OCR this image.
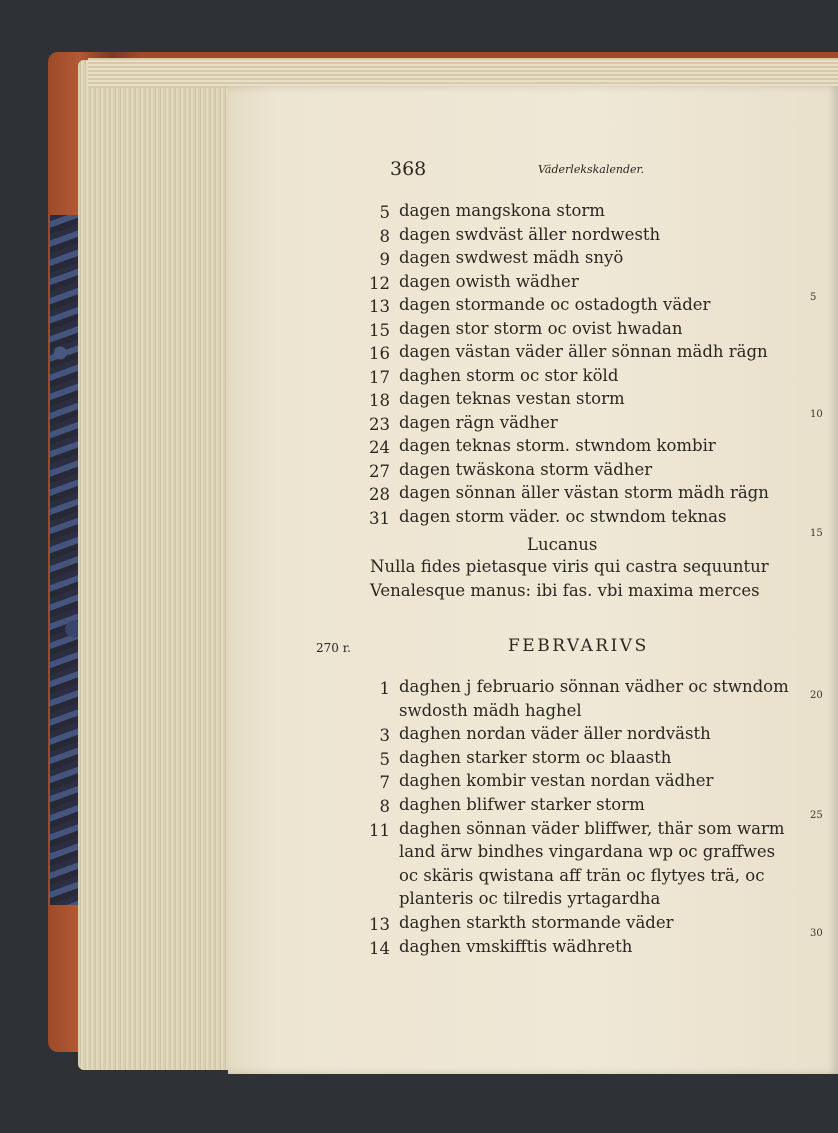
368	Väderlekskalender.
5 dagen mangskona storm
8 dagen swdväst äller nordwesth
9 dagen swdwest mädh snyö
12 dagen owisth wädher
13 dagen stormande oc ostadogth väder
15 dagen stor storm oc ovist hwadan
16 dagen västan väder äller sönnan mädh rägn
17 daghen storm oc stor köld
18 dagen teknas vestan storm
23 dagen rägn vädher
24 dagen teknas storm. stwndom kombir
27 dagen twäskona storm vädher
28 dagen sönnan äller västan storm mädh rägn
31 dagen storm väder. oc stwndom teknas
Lucanus
Nulla fides pietasque viris qui castra sequuntur
Venalesque manus: ibi fas. vbi maxima merces
270 r.	FEBRVARIVS
1 daghen j februario sönnan vädher oc stwndom
swdosth mädh haghel
3 daghen nordan väder äller nordvästh
5 daghen starker storm oc blaasth
7 daghen kombir vestan nordan vädher
8 daghen blifwer starker storm
11 daghen sönnan väder bliffwer, thär som warm
land ärw bindhes vingardana wp oc graffwes
oc skäris qwistana aff trän oc flytyes trä, oc
planteris oc tilredis yrtagardha
13 daghen starkth stormande väder
14 daghen vmskifftis wädhreth
5
10
15
20
25
30
